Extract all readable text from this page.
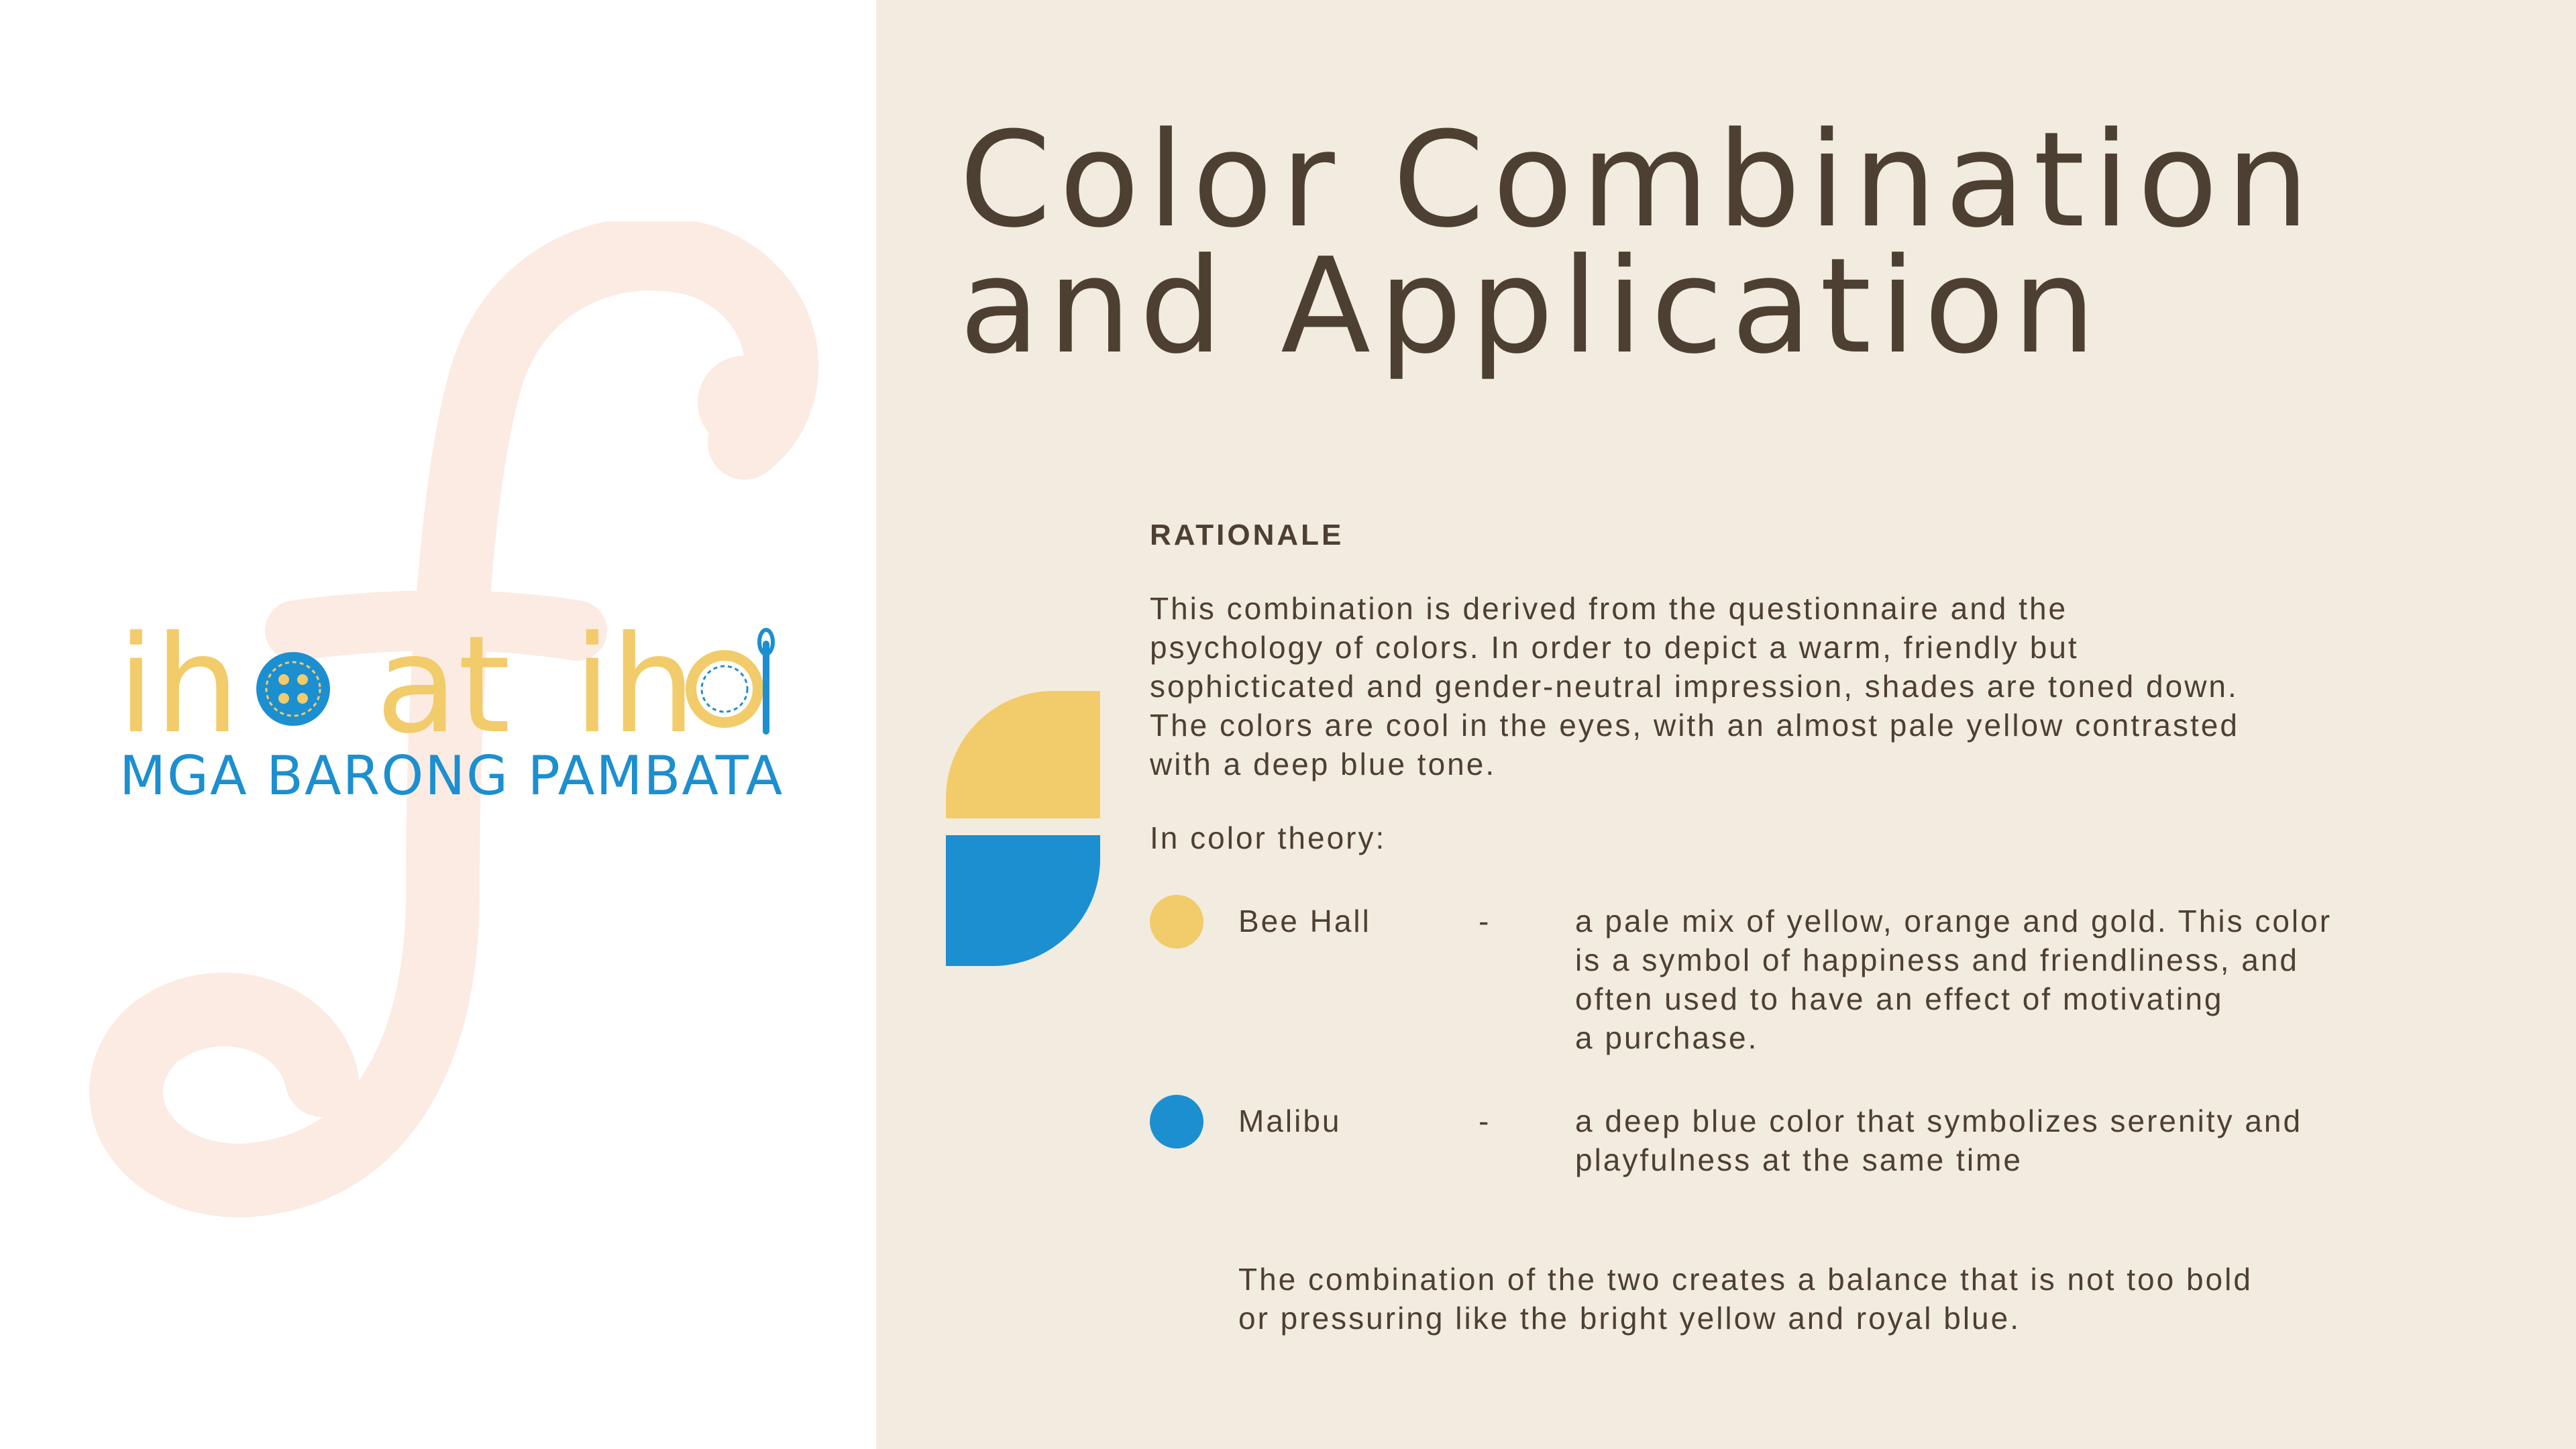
ih at ih
MGA BARONG PAMBATA
Color Combination
and Application
RATIONALE

This combination is derived from the questionnaire and the
psychology of colors. In order to depict a warm, friendly but
sophicticated and gender-neutral impression, shades are toned down.
The colors are cool in the eyes, with an almost pale yellow contrasted
with a deep blue tone.

In color theory:
Bee Hall	-	a pale mix of yellow, orange and gold. This color
is a symbol of happiness and friendliness, and
often used to have an effect of motivating
a purchase.
Malibu	-	a deep blue color that symbolizes serenity and
playfulness at the same time
The combination of the two creates a balance that is not too bold
or pressuring like the bright yellow and royal blue.
